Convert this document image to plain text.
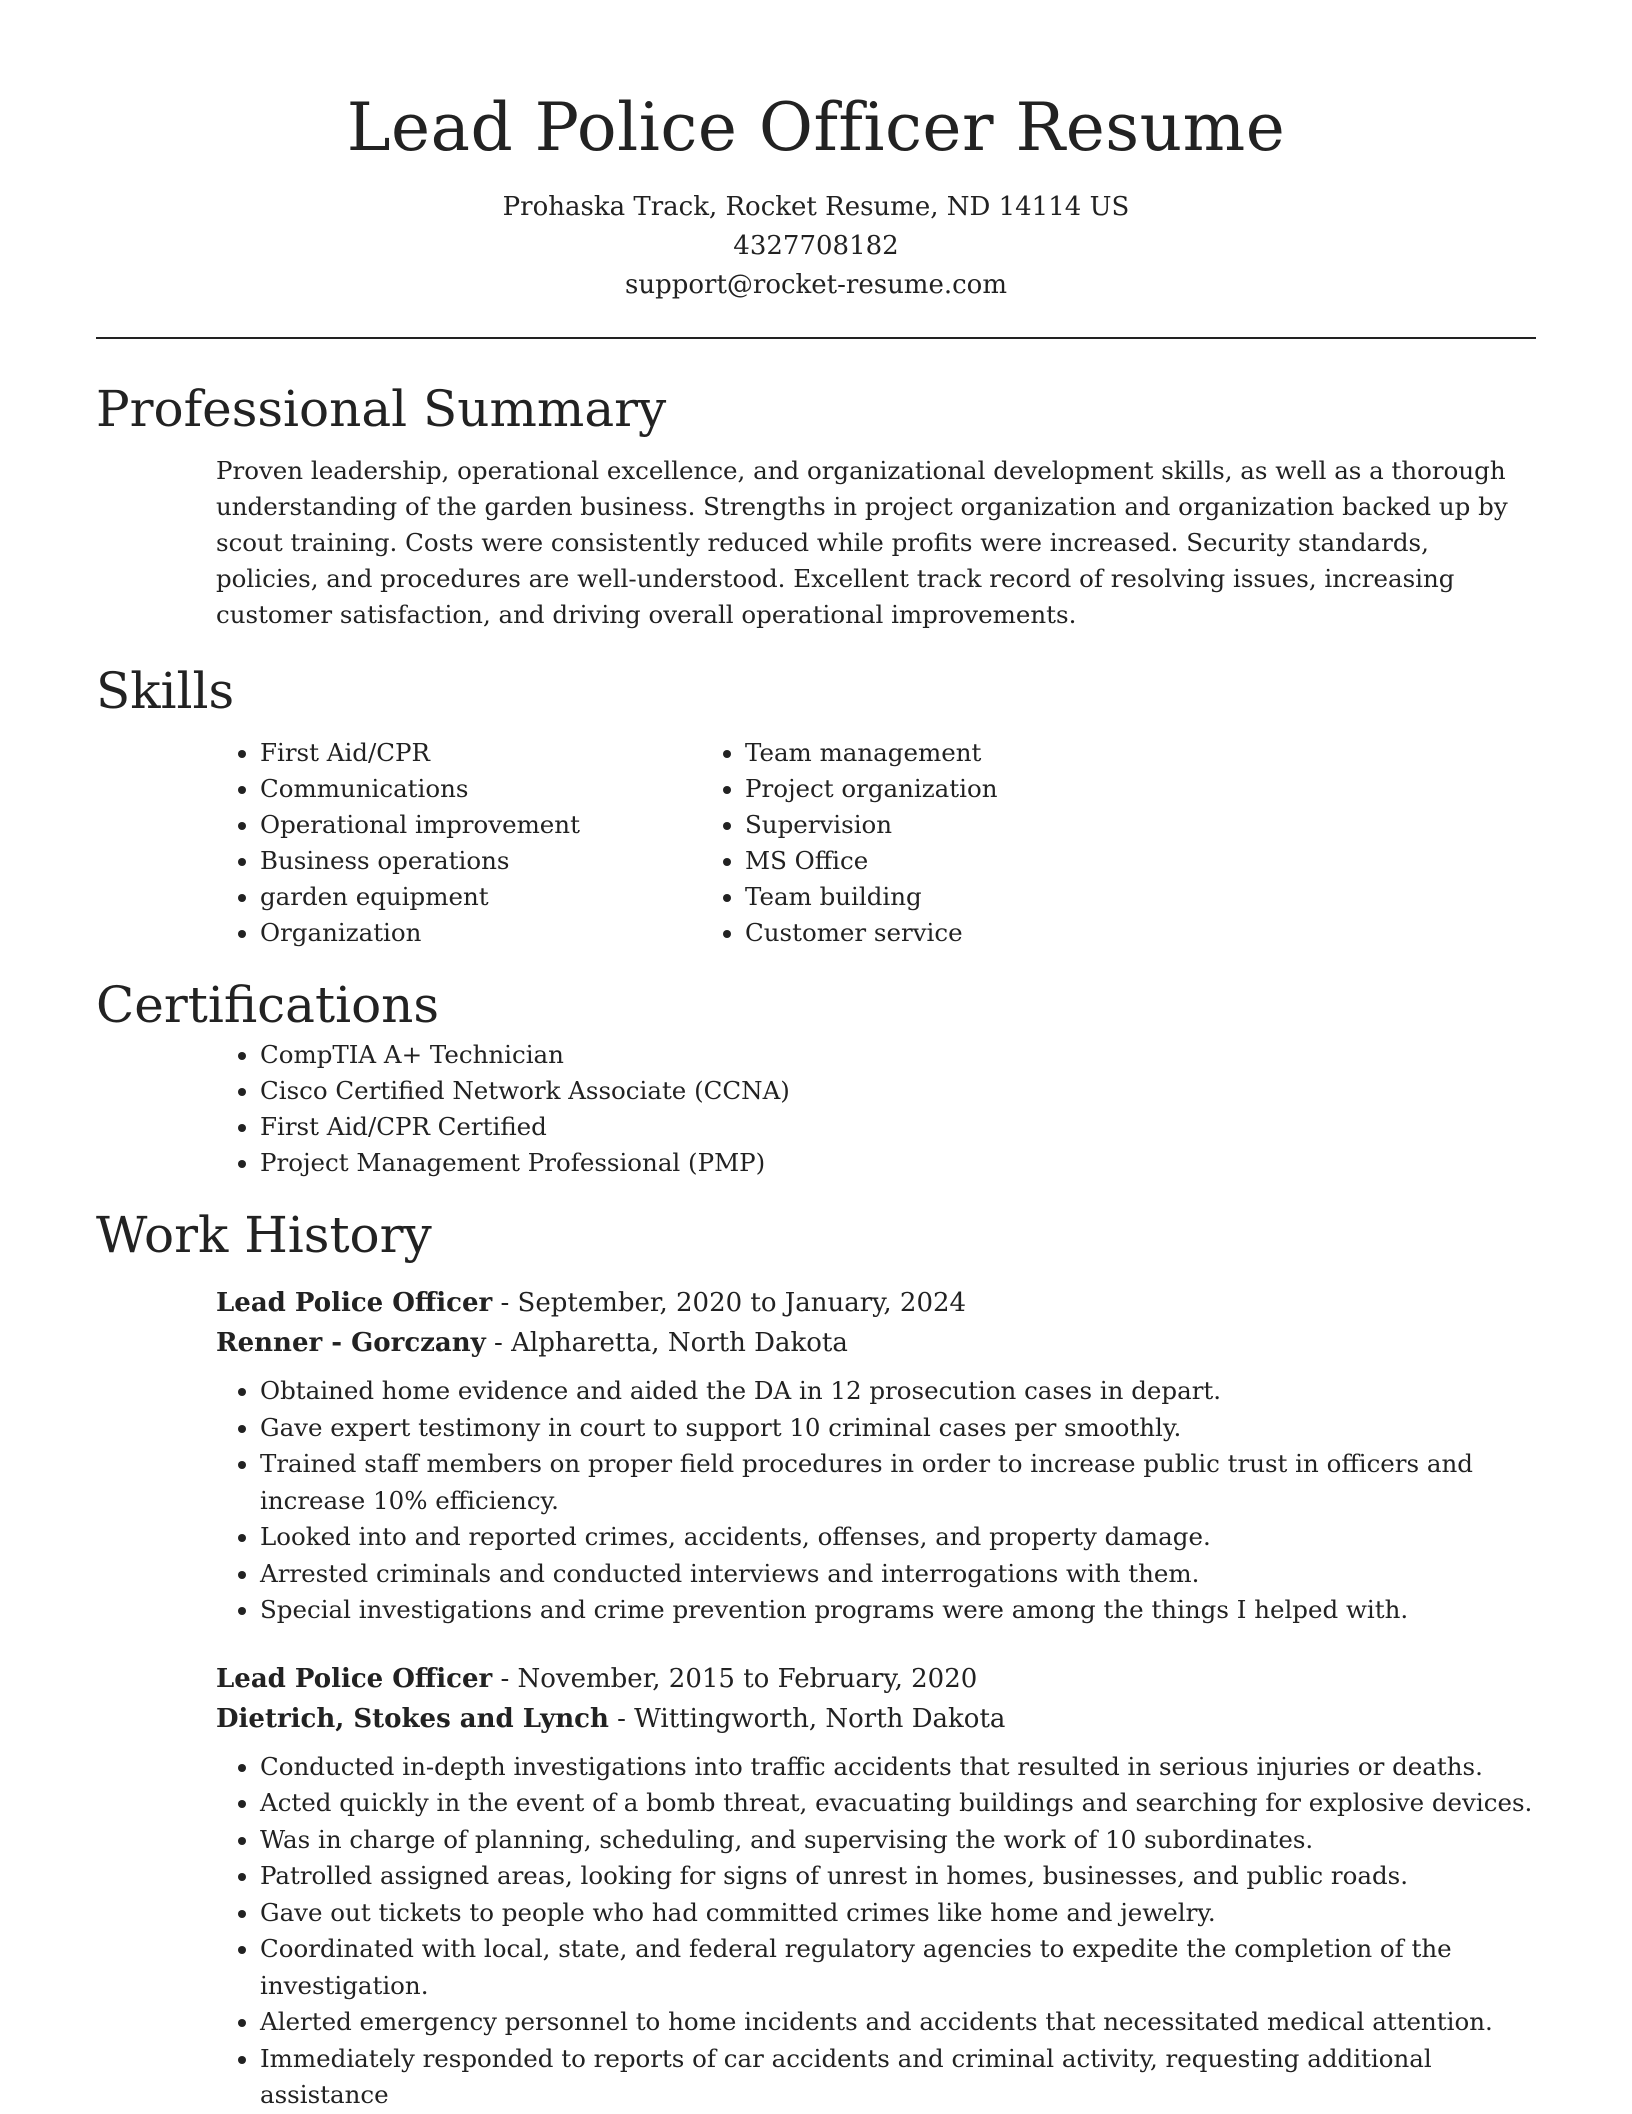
Lead Police Officer Resume
Prohaska Track, Rocket Resume, ND 14114 US
4327708182
support@rocket-resume.com
Professional Summary

Proven leadership, operational excellence, and organizational development skills, as well as a thorough understanding of the garden business. Strengths in project organization and organization backed up by scout training. Costs were consistently reduced while profits were increased. Security standards, policies, and procedures are well-understood. Excellent track record of resolving issues, increasing customer satisfaction, and driving overall operational improvements.

Skills
• First Aid/CPR
• Communications
• Operational improvement
• Business operations
• garden equipment
• Organization
• Team management
• Project organization
• Supervision
• MS Office
• Team building
• Customer service
Certifications
• CompTIA A+ Technician
• Cisco Certified Network Associate (CCNA)
• First Aid/CPR Certified
• Project Management Professional (PMP)
Work History
Lead Police Officer - September, 2020 to January, 2024
Renner - Gorczany - Alpharetta, North Dakota
• Obtained home evidence and aided the DA in 12 prosecution cases in depart.
• Gave expert testimony in court to support 10 criminal cases per smoothly.
• Trained staff members on proper field procedures in order to increase public trust in officers and increase 10% efficiency.
• Looked into and reported crimes, accidents, offenses, and property damage.
• Arrested criminals and conducted interviews and interrogations with them.
• Special investigations and crime prevention programs were among the things I helped with.
Lead Police Officer - November, 2015 to February, 2020
Dietrich, Stokes and Lynch - Wittingworth, North Dakota
• Conducted in-depth investigations into traffic accidents that resulted in serious injuries or deaths.
• Acted quickly in the event of a bomb threat, evacuating buildings and searching for explosive devices.
• Was in charge of planning, scheduling, and supervising the work of 10 subordinates.
• Patrolled assigned areas, looking for signs of unrest in homes, businesses, and public roads.
• Gave out tickets to people who had committed crimes like home and jewelry.
• Coordinated with local, state, and federal regulatory agencies to expedite the completion of the investigation.
• Alerted emergency personnel to home incidents and accidents that necessitated medical attention.
• Immediately responded to reports of car accidents and criminal activity, requesting additional assistance
